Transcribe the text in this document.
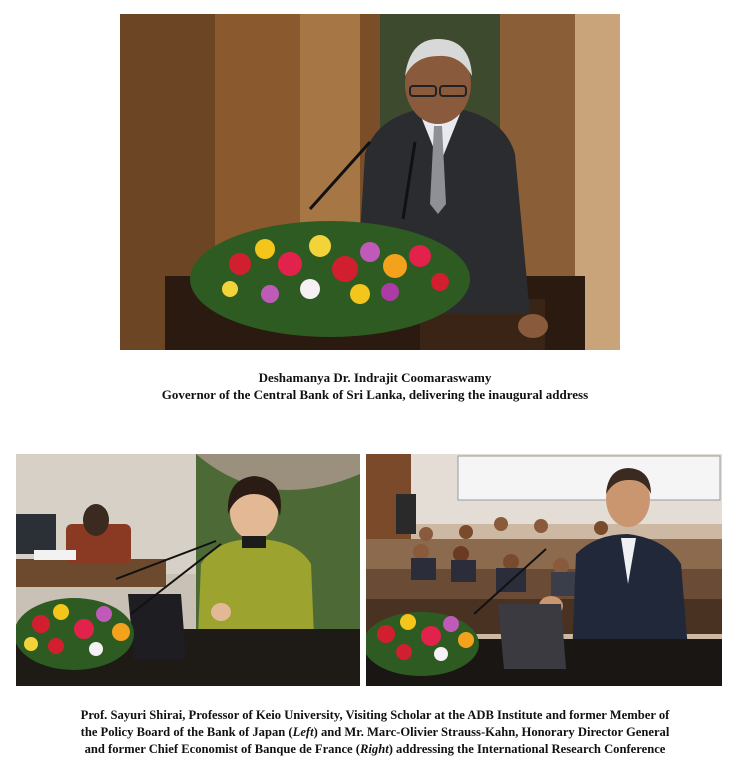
Deshamanya Dr. Indrajit Coomaraswamy
Governor of the Central Bank of Sri Lanka, delivering the inaugural address
Prof. Sayuri Shirai, Professor of Keio University, Visiting Scholar at the ADB Institute and former Member of
the Policy Board of the Bank of Japan (Left) and Mr. Marc-Olivier Strauss-Kahn, Honorary Director General
and former Chief Economist of Banque de France (Right) addressing the International Research Conference
